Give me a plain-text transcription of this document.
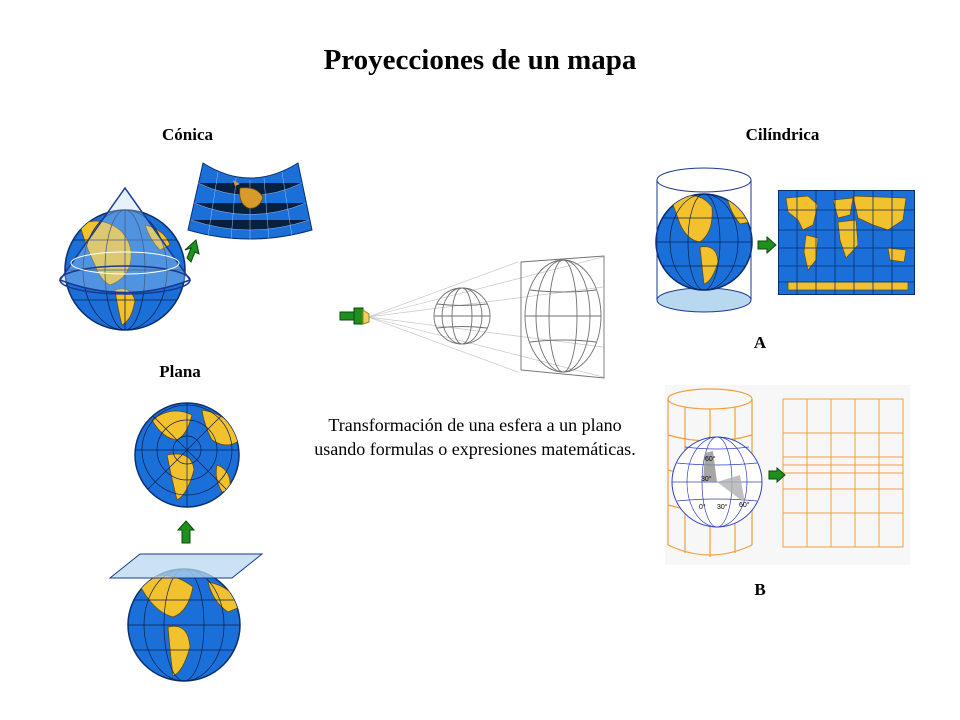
Proyecciones de un mapa
Cónica	Cilíndrica
Plana
A
B
Transformación de una esfera a un plano usando formulas o expresiones matemáticas.
60°
30°
0° 30° 60°
